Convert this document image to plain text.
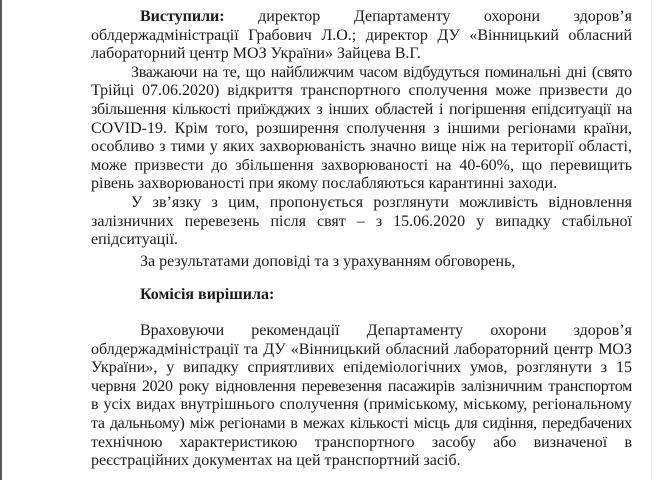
Виступили: директор Департаменту охорони здоров’я
облдержадміністрації Грабович Л.О.; директор ДУ «Вінницький обласний
лабораторний центр МОЗ України» Зайцева В.Г.
Зважаючи на те, що найближчим часом відбудуться поминальні дні (свято
Трійці 07.06.2020) відкриття транспортного сполучення може призвести до
збільшення кількості приїжджих з інших областей і погіршення епідситуації на
COVID-19. Крім того, розширення сполучення з іншими регіонами країни,
особливо з тими у яких захворюваність значно вище ніж на території області,
може призвести до збільшення захворюваності на 40-60%, що перевищить
рівень захворюваності при якому послабляються карантинні заходи.
У зв’язку з цим, пропонується розглянути можливість відновлення
залізничних перевезень після свят – з 15.06.2020 у випадку стабільної
епідситуації.
За результатами доповіді та з урахуванням обговорень,
Комісія вирішила:
Враховуючи рекомендації Департаменту охорони здоров’я
облдержадміністрації та ДУ «Вінницький обласний лабораторний центр МОЗ
України», у випадку сприятливих епідеміологічних умов, розглянути з 15
червня 2020 року відновлення перевезення пасажирів залізничним транспортом
в усіх видах внутрішнього сполучення (приміському, міському, регіональному
та дальньому) між регіонами в межах кількості місць для сидіння, передбачених
технічною характеристикою транспортного засобу або визначеної в
реєстраційних документах на цей транспортний засіб.
